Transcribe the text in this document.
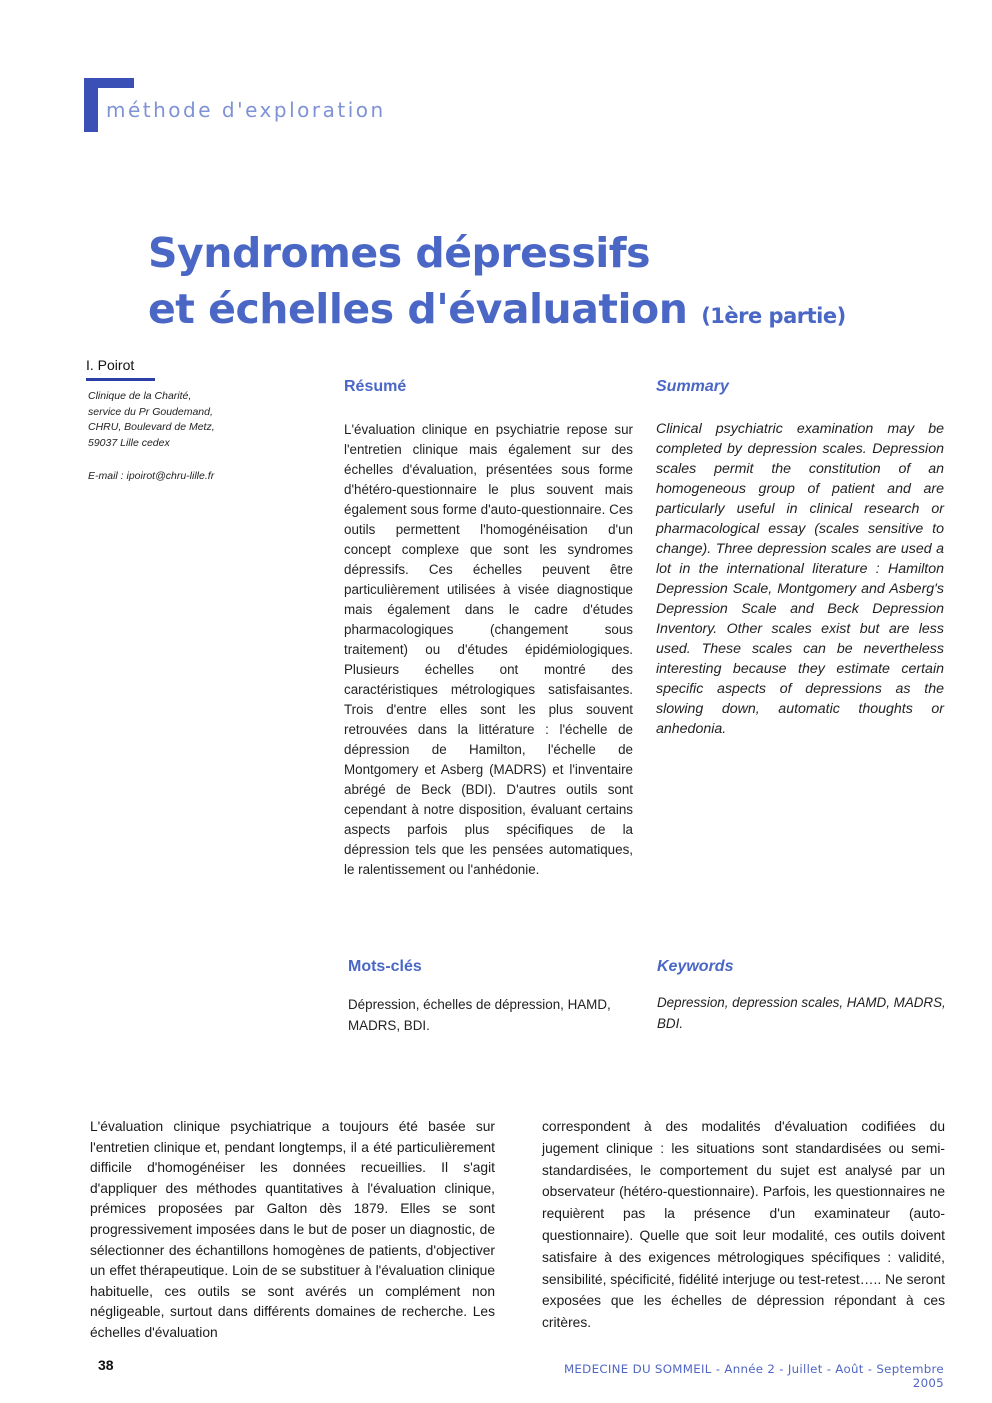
méthode d'exploration
Syndromes dépressifs
et échelles d'évaluation (1ère partie)
I. Poirot
Clinique de la Charité,
service du Pr Goudemand,
CHRU, Boulevard de Metz,
59037 Lille cedex
E-mail : ipoirot@chru-lille.fr
Résumé	Summary

L'évaluation clinique en psychiatrie repose sur l'entretien clinique mais également sur des échelles d'évaluation, présentées sous forme d'hétéro-questionnaire le plus souvent mais également sous forme d'auto-questionnaire. Ces outils permettent l'homogénéisation d'un concept complexe que sont les syndromes dépressifs. Ces échelles peuvent être particulièrement utilisées à visée diagnostique mais également dans le cadre d'études pharmacologiques (changement sous traitement) ou d'études épidémiologiques. Plusieurs échelles ont montré des caractéristiques métrologiques satisfaisantes. Trois d'entre elles sont les plus souvent retrouvées dans la littérature : l'échelle de dépression de Hamilton, l'échelle de Montgomery et Asberg (MADRS) et l'inventaire abrégé de Beck (BDI). D'autres outils sont cependant à notre disposition, évaluant certains aspects parfois plus spécifiques de la dépression tels que les pensées automatiques, le ralentissement ou l'anhédonie.

Clinical psychiatric examination may be completed by depression scales. Depression scales permit the constitution of an homogeneous group of patient and are particularly useful in clinical research or pharmacological essay (scales sensitive to change). Three depression scales are used a lot in the international literature : Hamilton Depression Scale, Montgomery and Asberg's Depression Scale and Beck Depression Inventory. Other scales exist but are less used. These scales can be nevertheless interesting because they estimate certain specific aspects of depressions as the slowing down, automatic thoughts or anhedonia.

Mots-clés	Keywords

Dépression, échelles de dépression, HAMD, MADRS, BDI.

Depression, depression scales, HAMD, MADRS, BDI.

L'évaluation clinique psychiatrique a toujours été basée sur l'entretien clinique et, pendant longtemps, il a été particulièrement difficile d'homogénéiser les données recueillies. Il s'agit d'appliquer des méthodes quantitatives à l'évaluation clinique, prémices proposées par Galton dès 1879. Elles se sont progressivement imposées dans le but de poser un diagnostic, de sélectionner des échantillons homogènes de patients, d'objectiver un effet thérapeutique. Loin de se substituer à l'évaluation clinique habituelle, ces outils se sont avérés un complément non négligeable, surtout dans différents domaines de recherche. Les échelles d'évaluation

correspondent à des modalités d'évaluation codifiées du jugement clinique : les situations sont standardisées ou semi-standardisées, le comportement du sujet est analysé par un observateur (hétéro-questionnaire). Parfois, les questionnaires ne requièrent pas la présence d'un examinateur (auto-questionnaire). Quelle que soit leur modalité, ces outils doivent satisfaire à des exigences métrologiques spécifiques : validité, sensibilité, spécificité, fidélité interjuge ou test-retest….. Ne seront exposées que les échelles de dépression répondant à ces critères.

38	MEDECINE DU SOMMEIL - Année 2 - Juillet - Août - Septembre 2005
